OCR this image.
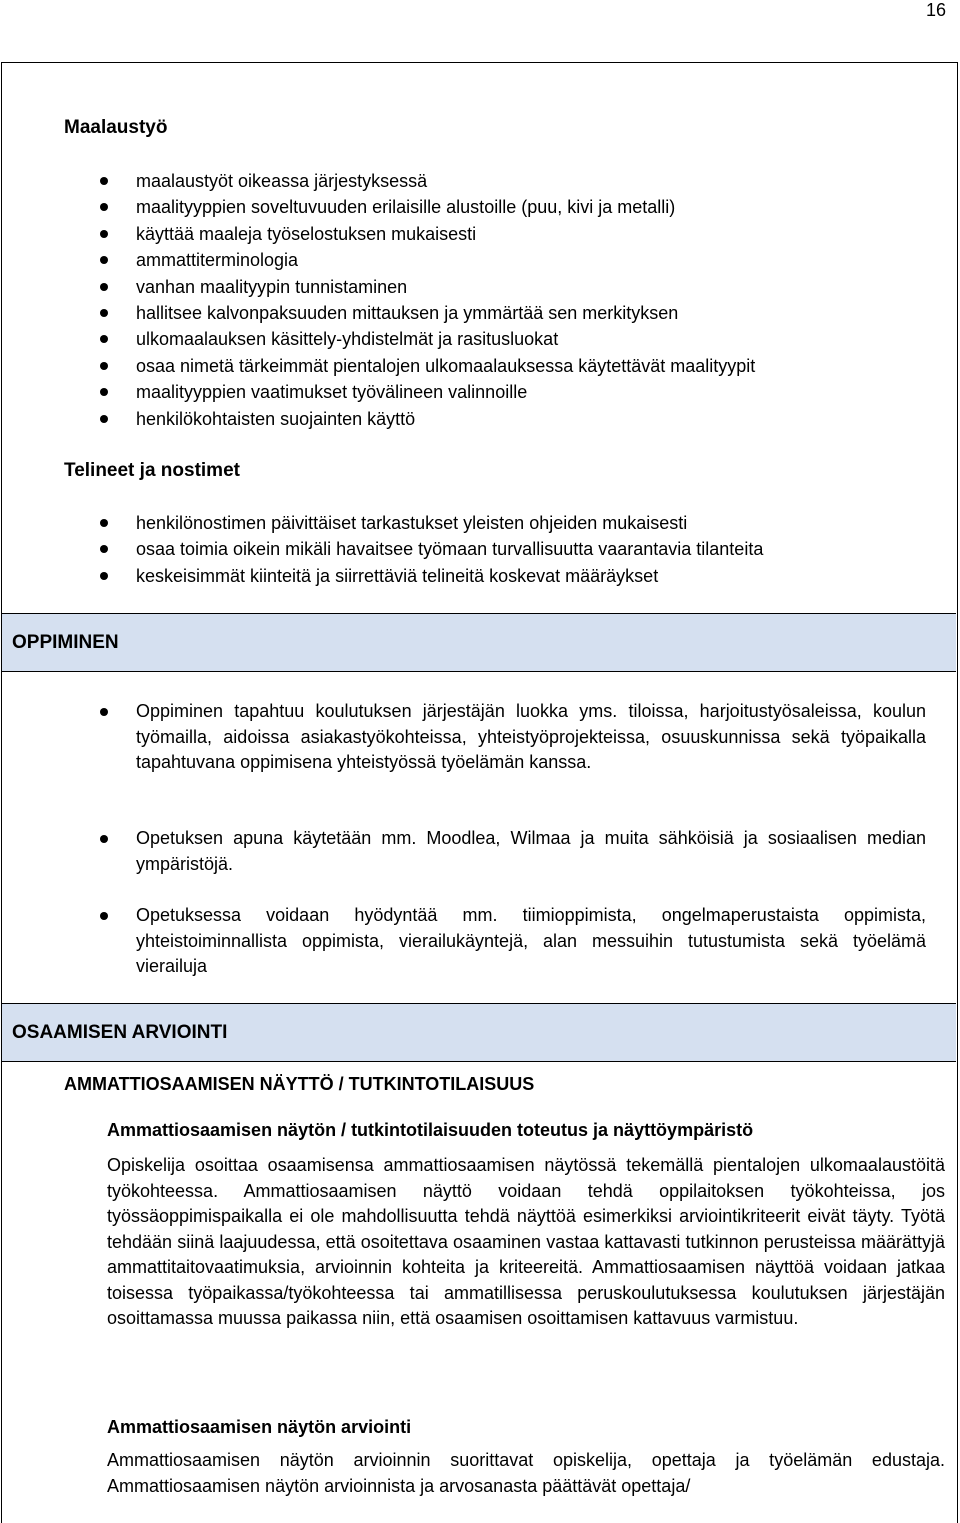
16
Maalaustyö
maalaustyöt oikeassa järjestyksessä
maalityyppien soveltuvuuden erilaisille alustoille (puu, kivi ja metalli)
käyttää maaleja työselostuksen mukaisesti
ammattiterminologia
vanhan maalityypin tunnistaminen
hallitsee kalvonpaksuuden mittauksen ja ymmärtää sen merkityksen
ulkomaalauksen käsittely-yhdistelmät ja rasitusluokat
osaa nimetä tärkeimmät pientalojen ulkomaalauksessa käytettävät maalityypit
maalityyppien vaatimukset työvälineen valinnoille
henkilökohtaisten suojainten käyttö
Telineet ja nostimet
henkilönostimen päivittäiset tarkastukset yleisten ohjeiden mukaisesti
osaa toimia oikein mikäli havaitsee työmaan turvallisuutta vaarantavia tilanteita
keskeisimmät kiinteitä ja siirrettäviä telineitä koskevat määräykset
OPPIMINEN

Oppiminen tapahtuu koulutuksen järjestäjän luokka yms. tiloissa, harjoitustyösaleissa, koulun työmailla, aidoissa asiakastyökohteissa, yhteistyöprojekteissa, osuuskunnissa sekä työpaikalla tapahtuvana oppimisena yhteistyössä työelämän kanssa.

Opetuksen apuna käytetään mm. Moodlea, Wilmaa ja muita sähköisiä ja sosiaalisen median ympäristöjä.

Opetuksessa voidaan hyödyntää mm. tiimioppimista, ongelmaperustaista oppimista, yhteistoiminnallista oppimista, vierailukäyntejä, alan messuihin tutustumista sekä työelämä vierailuja

OSAAMISEN ARVIOINTI
AMMATTIOSAAMISEN NÄYTTÖ / TUTKINTOTILAISUUS
Ammattiosaamisen näytön / tutkintotilaisuuden toteutus ja näyttöympäristö

Opiskelija osoittaa osaamisensa ammattiosaamisen näytössä tekemällä pientalojen ulkomaalaustöitä työkohteessa. Ammattiosaamisen näyttö voidaan tehdä oppilaitoksen työkohteissa, jos työssäoppimispaikalla ei ole mahdollisuutta tehdä näyttöä esimerkiksi arviointikriteerit eivät täyty. Työtä tehdään siinä laajuudessa, että osoitettava osaaminen vastaa kattavasti tutkinnon perusteissa määrättyjä ammattitaitovaatimuksia, arvioinnin kohteita ja kriteereitä. Ammattiosaamisen näyttöä voidaan jatkaa toisessa työpaikassa/työkohteessa tai ammatillisessa peruskoulutuksessa koulutuksen järjestäjän osoittamassa muussa paikassa niin, että osaamisen osoittamisen kattavuus varmistuu.

Ammattiosaamisen näytön arviointi

Ammattiosaamisen näytön arvioinnin suorittavat opiskelija, opettaja ja työelämän edustaja. Ammattiosaamisen näytön arvioinnista ja arvosanasta päättävät opettaja/
